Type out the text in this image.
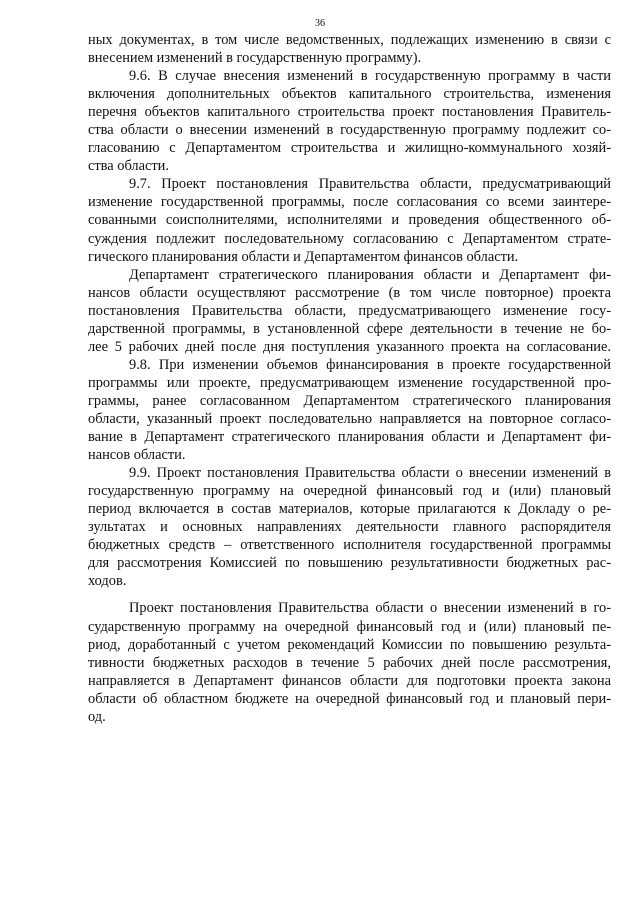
36

ных документах, в том числе ведомственных, подлежащих изменению в связи с
внесением изменений в государственную программу).

9.6. В случае внесения изменений в государственную программу в части
включения дополнительных объектов капитального строительства, изменения
перечня объектов капитального строительства проект постановления Правитель-
ства области о внесении изменений в государственную программу подлежит со-
гласованию с Департаментом строительства и жилищно-коммунального хозяй-
ства области.

9.7. Проект постановления Правительства области, предусматривающий
изменение государственной программы, после согласования со всеми заинтере-
сованными соисполнителями, исполнителями и проведения общественного об-
суждения подлежит последовательному согласованию с Департаментом страте-
гического планирования области и Департаментом финансов области.

Департамент стратегического планирования области и Департамент фи-
нансов области осуществляют рассмотрение (в том числе повторное) проекта
постановления Правительства области, предусматривающего изменение госу-
дарственной программы, в установленной сфере деятельности в течение не бо-
лее 5 рабочих дней после дня поступления указанного проекта на согласование.

9.8. При изменении объемов финансирования в проекте государственной
программы или проекте, предусматривающем изменение государственной про-
граммы, ранее согласованном Департаментом стратегического планирования
области, указанный проект последовательно направляется на повторное согласо-
вание в Департамент стратегического планирования области и Департамент фи-
нансов области.

9.9. Проект постановления Правительства области о внесении изменений в
государственную программу на очередной финансовый год и (или) плановый
период включается в состав материалов, которые прилагаются к Докладу о ре-
зультатах и основных направлениях деятельности главного распорядителя
бюджетных средств – ответственного исполнителя государственной программы
для рассмотрения Комиссией по повышению результативности бюджетных рас-
ходов.

Проект постановления Правительства области о внесении изменений в го-
сударственную программу на очередной финансовый год и (или) плановый пе-
риод, доработанный с учетом рекомендаций Комиссии по повышению результа-
тивности бюджетных расходов в течение 5 рабочих дней после рассмотрения,
направляется в Департамент финансов области для подготовки проекта закона
области об областном бюджете на очередной финансовый год и плановый пери-
од.
